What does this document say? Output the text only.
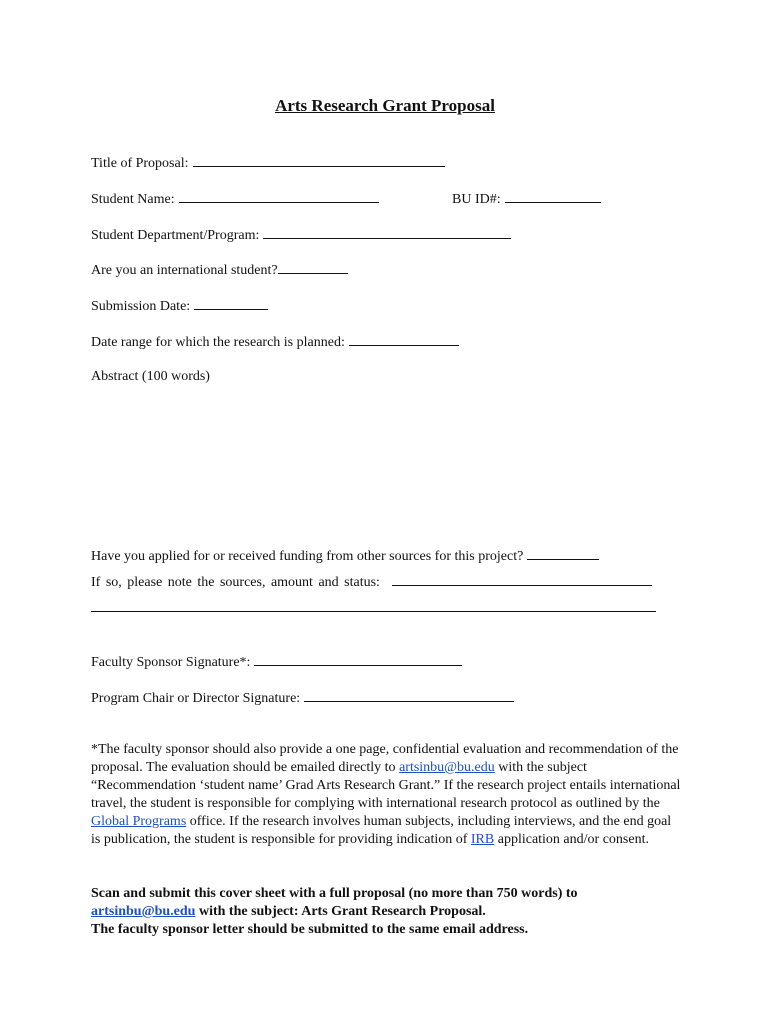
Arts Research Grant Proposal
Title of Proposal:
Student Name:	BU ID#:
Student Department/Program:
Are you an international student?
Submission Date:
Date range for which the research is planned:
Abstract (100 words)
Have you applied for or received funding from other sources for this project?
If so, please note the sources, amount and status:
Faculty Sponsor Signature*:
Program Chair or Director Signature:
*The faculty sponsor should also provide a one page, confidential evaluation and recommendation of the proposal. The evaluation should be emailed directly to artsinbu@bu.edu with the subject “Recommendation ‘student name’ Grad Arts Research Grant.” If the research project entails international travel, the student is responsible for complying with international research protocol as outlined by the Global Programs office. If the research involves human subjects, including interviews, and the end goal is publication, the student is responsible for providing indication of IRB application and/or consent.
Scan and submit this cover sheet with a full proposal (no more than 750 words) to
artsinbu@bu.edu with the subject: Arts Grant Research Proposal.
The faculty sponsor letter should be submitted to the same email address.
